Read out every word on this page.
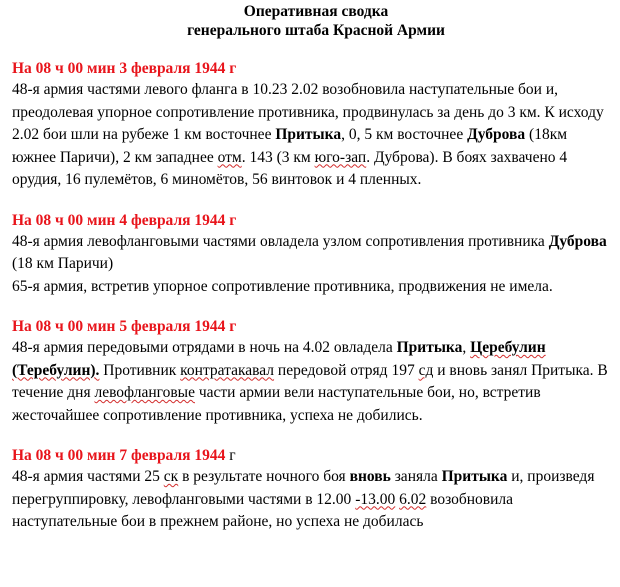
Оперативная сводка
генерального штаба Красной Армии
На 08 ч 00 мин 3 февраля 1944 г

48-я армия частями левого фланга в 10.23 2.02 возобновила наступательные бои и, преодолевая упорное сопротивление противника, продвинулась за день до 3 км. К исходу 2.02 бои шли на рубеже 1 км восточнее Притыка, 0, 5 км восточнее Дуброва (18км южнее Паричи), 2 км западнее отм. 143 (3 км юго-зап. Дуброва). В боях захвачено 4 орудия, 16 пулемётов, 6 миномётов, 56 винтовок и 4 пленных.

На 08 ч 00 мин 4 февраля 1944 г

48-я армия левофланговыми частями овладела узлом сопротивления противника Дуброва (18 км Паричи)

65-я армия, встретив упорное сопротивление противника, продвижения не имела.

На 08 ч 00 мин 5 февраля 1944 г

48-я армия передовыми отрядами в ночь на 4.02 овладела Притыка, Церебулин (Теребулин). Противник контратакавал передовой отряд 197 сд и вновь занял Притыка. В течение дня левофланговые части армии вели наступательные бои, но, встретив жесточайшее сопротивление противника, успеха не добились.

На 08 ч 00 мин 7 февраля 1944 г

48-я армия частями 25 ск в результате ночного боя вновь заняла Притыка и, произведя перегруппировку, левофланговыми частями в 12.00 -13.00 6.02 возобновила наступательные бои в прежнем районе, но успеха не добилась
